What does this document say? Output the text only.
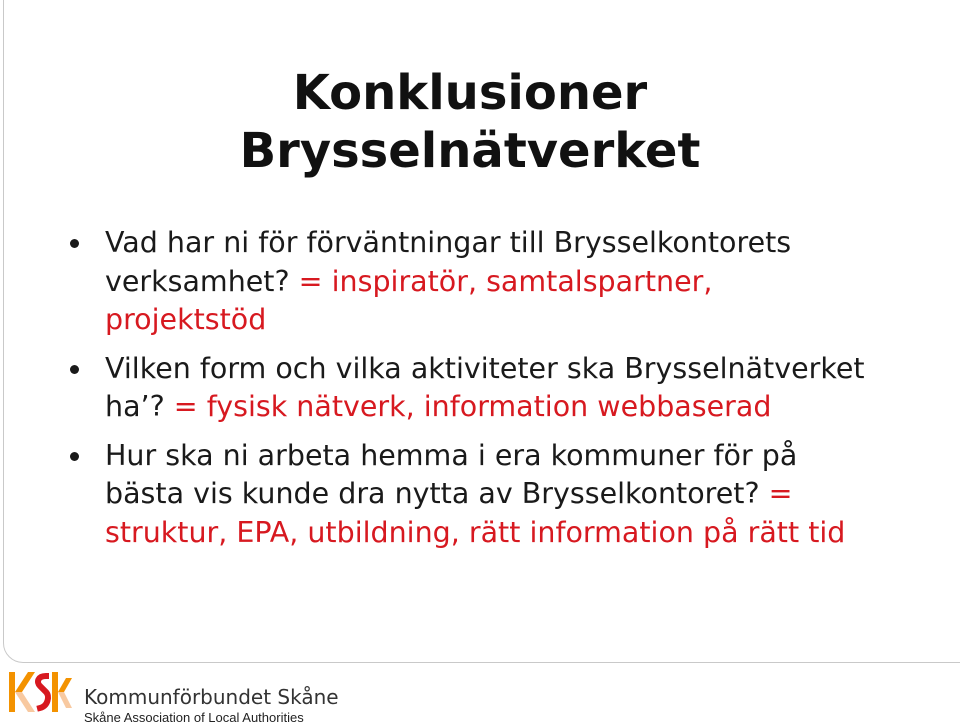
Konklusioner
Brysselnätverket
Vad har ni för förväntningar till Brysselkontorets verksamhet? = inspiratör, samtalspartner, projektstöd
Vilken form och vilka aktiviteter ska Brysselnätverket ha’? = fysisk nätverk, information webbaserad
Hur ska ni arbeta hemma i era kommuner för på bästa vis kunde dra nytta av Brysselkontoret? = struktur, EPA, utbildning, rätt information på rätt tid
Kommunförbundet Skåne
Skåne Association of Local Authorities
